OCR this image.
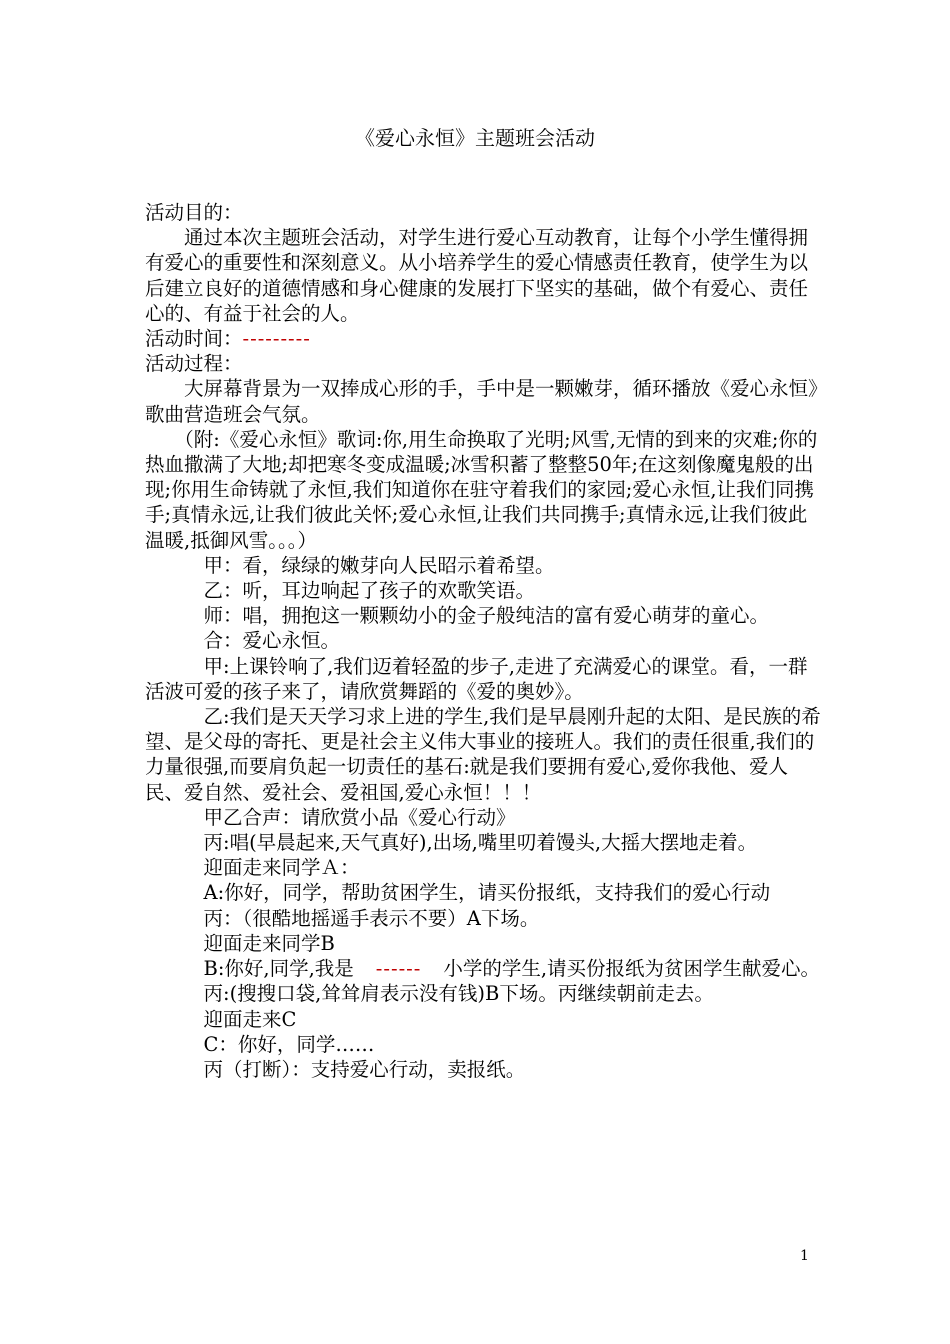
《爱心永恒》主题班会活动

活动目的：

通过本次主题班会活动，对学生进行爱心互动教育，让每个小学生懂得拥有爱心的重要性和深刻意义。从小培养学生的爱心情感责任教育，使学生为以后建立良好的道德情感和身心健康的发展打下坚实的基础，做个有爱心、责任心的、有益于社会的人。

活动时间：---------

活动过程：

大屏幕背景为一双捧成心形的手，手中是一颗嫩芽，循环播放《爱心永恒》歌曲营造班会气氛。

（附:《爱心永恒》歌词:你,用生命换取了光明;风雪,无情的到来的灾难;你的热血撒满了大地;却把寒冬变成温暖;冰雪积蓄了整整50年;在这刻像魔鬼般的出现;你用生命铸就了永恒,我们知道你在驻守着我们的家园;爱心永恒,让我们同携手;真情永远,让我们彼此关怀;爱心永恒,让我们共同携手;真情永远,让我们彼此温暖,抵御风雪。。。）

甲：看，绿绿的嫩芽向人民昭示着希望。

乙：听，耳边响起了孩子的欢歌笑语。

师：唱，拥抱这一颗颗幼小的金子般纯洁的富有爱心萌芽的童心。

合：爱心永恒。

甲:上课铃响了,我们迈着轻盈的步子,走进了充满爱心的课堂。看，一群活波可爱的孩子来了，请欣赏舞蹈的《爱的奥妙》。

乙:我们是天天学习求上进的学生,我们是早晨刚升起的太阳、是民族的希望、是父母的寄托、更是社会主义伟大事业的接班人。我们的责任很重,我们的力量很强,而要肩负起一切责任的基石:就是我们要拥有爱心,爱你我他、爱人民、爱自然、爱社会、爱祖国,爱心永恒！！！

甲乙合声：请欣赏小品《爱心行动》

丙:唱(早晨起来,天气真好),出场,嘴里叨着馒头,大摇大摆地走着。

迎面走来同学Ａ：

A:你好，同学，帮助贫困学生，请买份报纸，支持我们的爱心行动

丙：（很酷地摇遥手表示不要）A下场。

迎面走来同学B

B:你好,同学,我是 ------ 小学的学生,请买份报纸为贫困学生献爱心。

丙:(搜搜口袋,耸耸肩表示没有钱)B下场。丙继续朝前走去。

迎面走来C

C：你好，同学……

丙（打断）：支持爱心行动，卖报纸。

1
